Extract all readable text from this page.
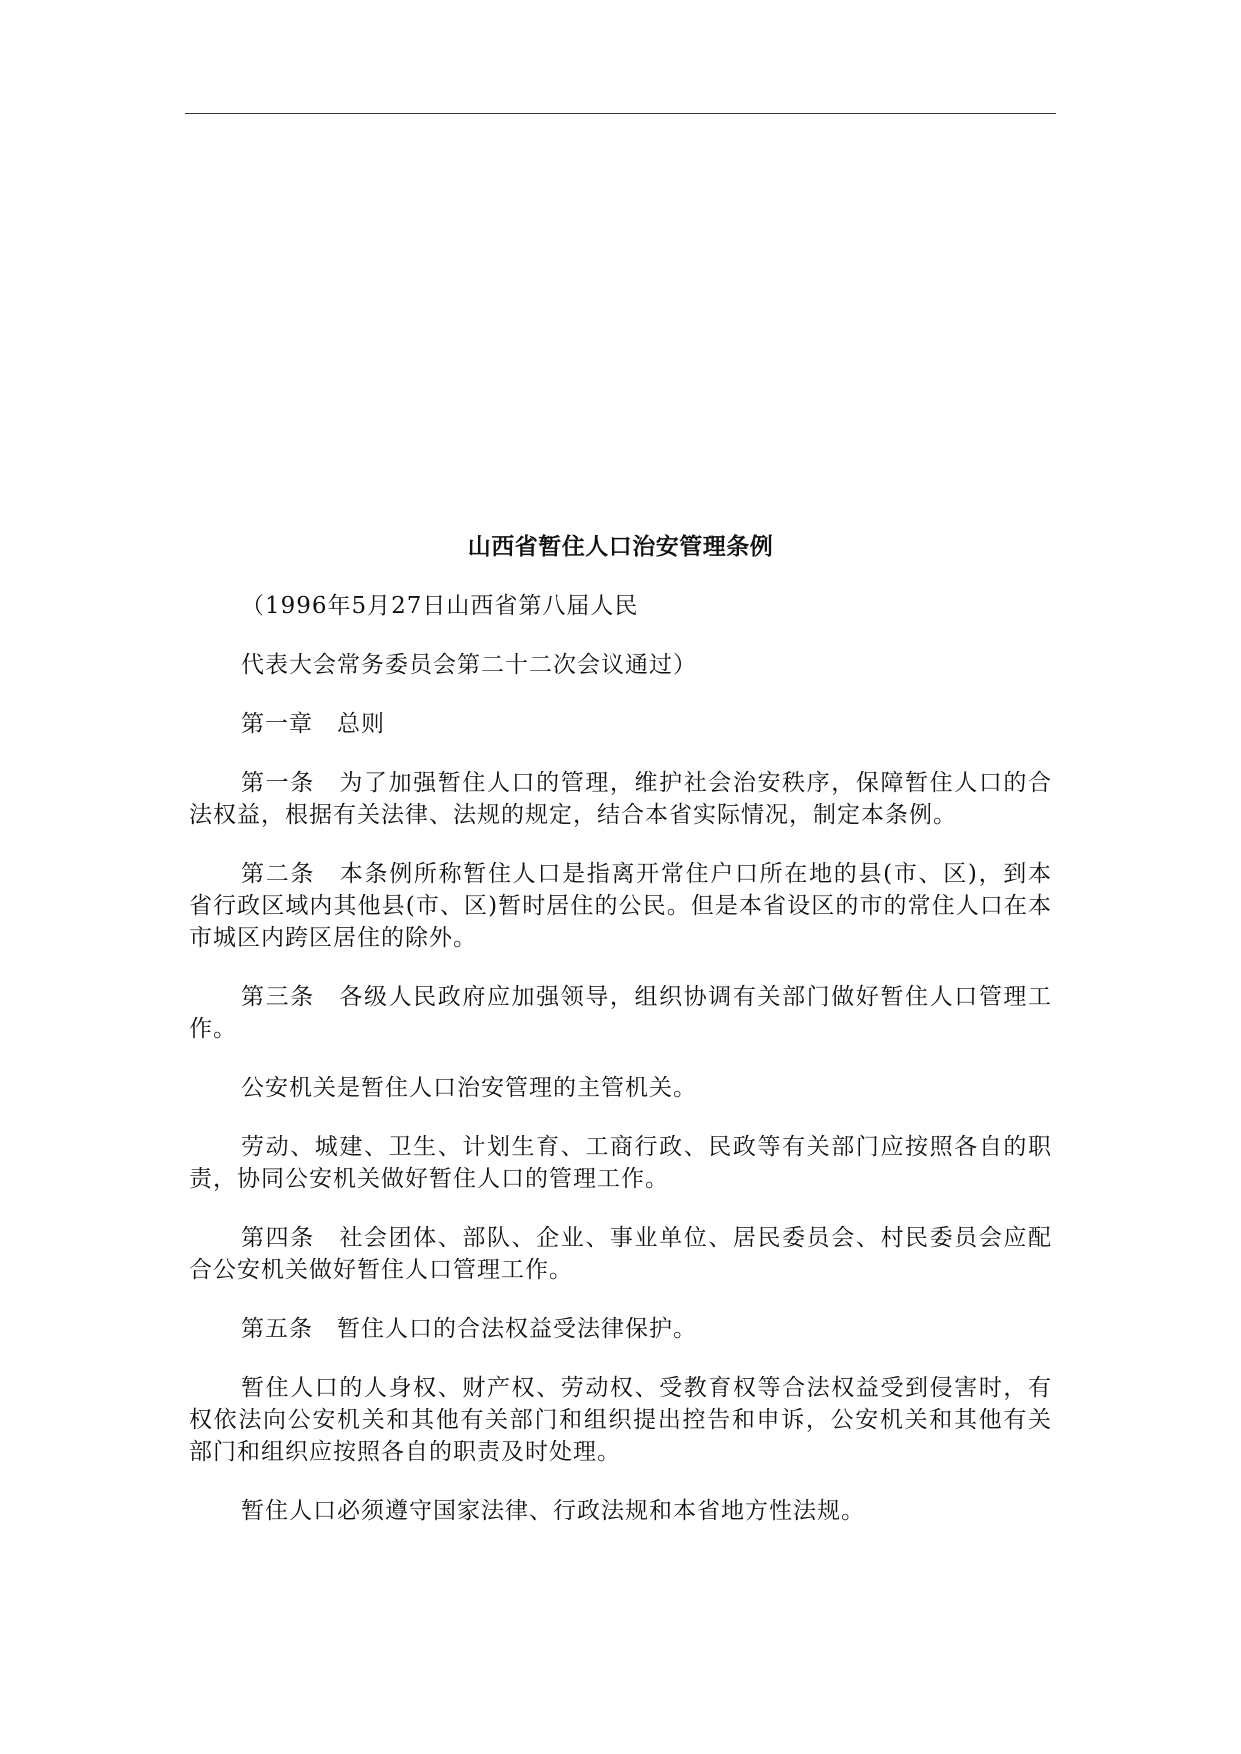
山西省暂住人口治安管理条例

（1996年5月27日山西省第八届人民

代表大会常务委员会第二十二次会议通过）

第一章　总则

第一条　为了加强暂住人口的管理，维护社会治安秩序，保障暂住人口的合法权益，根据有关法律、法规的规定，结合本省实际情况，制定本条例。

第二条　本条例所称暂住人口是指离开常住户口所在地的县(市、区)，到本省行政区域内其他县(市、区)暂时居住的公民。但是本省设区的市的常住人口在本市城区内跨区居住的除外。

第三条　各级人民政府应加强领导，组织协调有关部门做好暂住人口管理工作。

公安机关是暂住人口治安管理的主管机关。

劳动、城建、卫生、计划生育、工商行政、民政等有关部门应按照各自的职责，协同公安机关做好暂住人口的管理工作。

第四条　社会团体、部队、企业、事业单位、居民委员会、村民委员会应配合公安机关做好暂住人口管理工作。

第五条　暂住人口的合法权益受法律保护。

暂住人口的人身权、财产权、劳动权、受教育权等合法权益受到侵害时，有权依法向公安机关和其他有关部门和组织提出控告和申诉，公安机关和其他有关部门和组织应按照各自的职责及时处理。

暂住人口必须遵守国家法律、行政法规和本省地方性法规。
